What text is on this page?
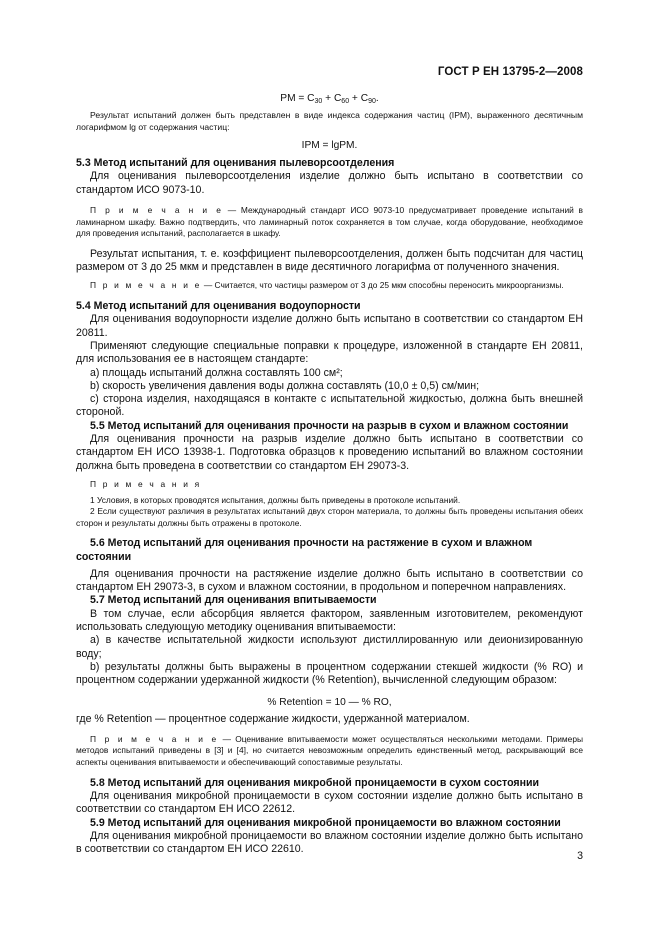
ГОСТ Р ЕН 13795-2—2008

PM = $C_{30} + C_{60} + C_{90}$.

Результат испытаний должен быть представлен в виде индекса содержания частиц (IPM), выраженного десятичным логарифмом lg от содержания частиц:

IPM = lgPM.

5.3 Метод испытаний для оценивания пылеворсоотделения

Для оценивания пылеворсоотделения изделие должно быть испытано в соответствии со стандартом ИСО 9073-10.

П р и м е ч а н и е — Международный стандарт ИСО 9073-10 предусматривает проведение испытаний в ламинарном шкафу. Важно подтвердить, что ламинарный поток сохраняется в том случае, когда оборудование, необходимое для проведения испытаний, располагается в шкафу.

Результат испытания, т. е. коэффициент пылеворсоотделения, должен быть подсчитан для частиц размером от 3 до 25 мкм и представлен в виде десятичного логарифма от полученного значения.

П р и м е ч а н и е — Считается, что частицы размером от 3 до 25 мкм способны переносить микроорганизмы.

5.4 Метод испытаний для оценивания водоупорности

Для оценивания водоупорности изделие должно быть испытано в соответствии со стандартом ЕН 20811.

Применяют следующие специальные поправки к процедуре, изложенной в стандарте ЕН 20811, для использования ее в настоящем стандарте:

a) площадь испытаний должна составлять 100 см²;

b) скорость увеличения давления воды должна составлять (10,0 ± 0,5) см/мин;

c) сторона изделия, находящаяся в контакте с испытательной жидкостью, должна быть внешней стороной.

5.5 Метод испытаний для оценивания прочности на разрыв в сухом и влажном состоянии

Для оценивания прочности на разрыв изделие должно быть испытано в соответствии со стандартом ЕН ИСО 13938-1. Подготовка образцов к проведению испытаний во влажном состоянии должна быть проведена в соответствии со стандартом ЕН 29073-3.

П р и м е ч а н и я

1 Условия, в которых проводятся испытания, должны быть приведены в протоколе испытаний.

2 Если существуют различия в результатах испытаний двух сторон материала, то должны быть проведены испытания обеих сторон и результаты должны быть отражены в протоколе.

5.6 Метод испытаний для оценивания прочности на растяжение в сухом и влажном состоянии

Для оценивания прочности на растяжение изделие должно быть испытано в соответствии со стандартом ЕН 29073-3, в сухом и влажном состоянии, в продольном и поперечном направлениях.

5.7 Метод испытаний для оценивания впитываемости

В том случае, если абсорбция является фактором, заявленным изготовителем, рекомендуют использовать следующую методику оценивания впитываемости:

a) в качестве испытательной жидкости используют дистиллированную или деионизированную воду;

b) результаты должны быть выражены в процентном содержании стекшей жидкости (% RO) и процентном содержании удержанной жидкости (% Retention), вычисленной следующим образом:

% Retention = 10 — % RO,

где % Retention — процентное содержание жидкости, удержанной материалом.

П р и м е ч а н и е — Оценивание впитываемости может осуществляться несколькими методами. Примеры методов испытаний приведены в [3] и [4], но считается невозможным определить единственный метод, раскрывающий все аспекты оценивания впитываемости и обеспечивающий сопоставимые результаты.

5.8 Метод испытаний для оценивания микробной проницаемости в сухом состоянии

Для оценивания микробной проницаемости в сухом состоянии изделие должно быть испытано в соответствии со стандартом ЕН ИСО 22612.

5.9 Метод испытаний для оценивания микробной проницаемости во влажном состоянии

Для оценивания микробной проницаемости во влажном состоянии изделие должно быть испытано в соответствии со стандартом ЕН ИСО 22610.

3
